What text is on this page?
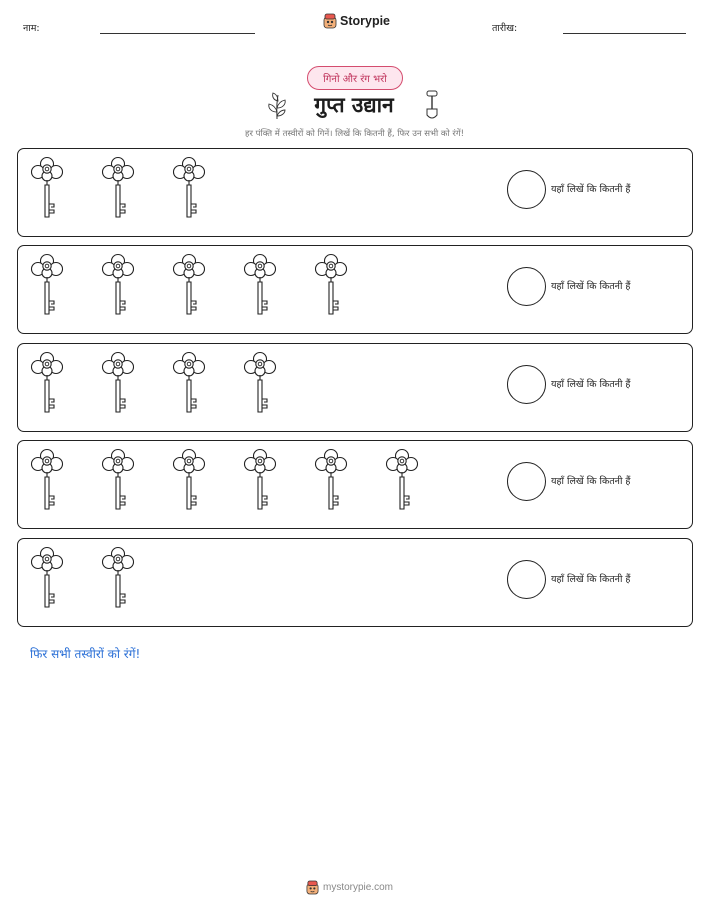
नाम:
Storypie
तारीख:
गिनो और रंग भरो
गुप्त उद्यान
हर पंक्ति में तस्वीरों को गिनें। लिखें कि कितनी हैं, फिर उन सभी को रंगें!
यहाँ लिखें कि कितनी हैं
यहाँ लिखें कि कितनी हैं
यहाँ लिखें कि कितनी हैं
यहाँ लिखें कि कितनी हैं
यहाँ लिखें कि कितनी हैं
फिर सभी तस्वीरों को रंगें!
mystorypie.com
